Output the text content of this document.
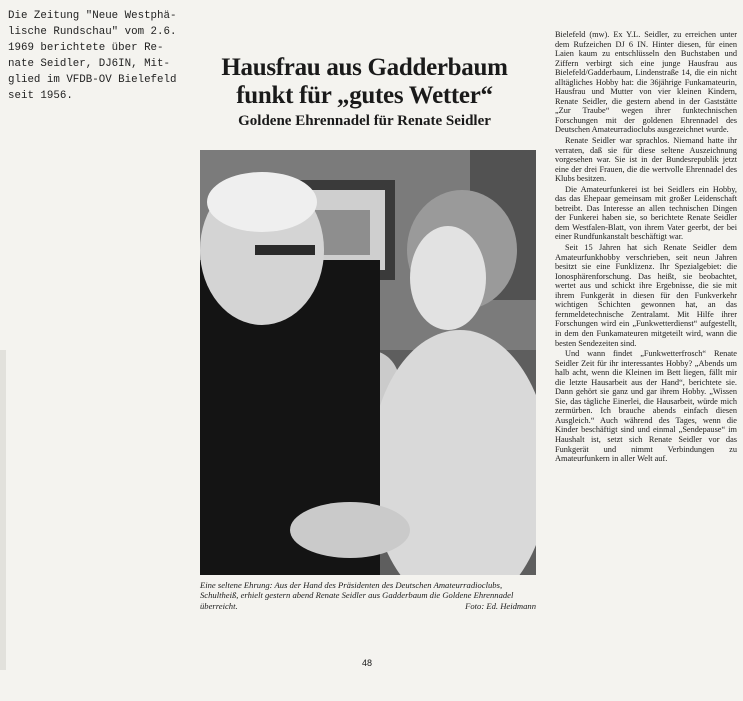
Die Zeitung "Neue Westphä-
lische Rundschau" vom 2.6.
1969 berichtete über Re-
nate Seidler, DJ6IN, Mit-
glied im VFDB-OV Bielefeld
seit 1956.
Hausfrau aus Gadderbaum
funkt für „gutes Wetter“
Goldene Ehrennadel für Renate Seidler
Eine seltene Ehrung: Aus der Hand des Präsidenten des Deutschen Amateurradioclubs, Schultheiß, erhielt gestern abend Renate Seidler aus Gadderbaum die Goldene Ehrennadel überreicht.	Foto: Ed. Heidmann

Bielefeld (mw). Ex Y.L. Seidler, zu erreichen unter dem Rufzeichen DJ 6 IN. Hinter diesen, für einen Laien kaum zu entschlüsseln den Buchstaben und Ziffern verbirgt sich eine junge Hausfrau aus Bielefeld/Gadderbaum, Lindenstraße 14, die ein nicht alltägliches Hobby hat: die 36jährige Funkamateurin, Hausfrau und Mutter von vier kleinen Kindern, Renate Seidler, die gestern abend in der Gaststätte „Zur Traube“ wegen ihrer funktechnischen Forschungen mit der goldenen Ehrennadel des Deutschen Amateurradioclubs ausgezeichnet wurde.

Renate Seidler war sprachlos. Niemand hatte ihr verraten, daß sie für diese seltene Auszeichnung vorgesehen war. Sie ist in der Bundesrepublik jetzt eine der drei Frauen, die die wertvolle Ehrennadel des Klubs besitzen.

Die Amateurfunkerei ist bei Seidlers ein Hobby, das das Ehepaar gemeinsam mit großer Leidenschaft betreibt. Das Interesse an allen technischen Dingen der Funkerei haben sie, so berichtete Renate Seidler dem Westfalen-Blatt, von ihrem Vater geerbt, der bei einer Rundfunkanstalt beschäftigt war.

Seit 15 Jahren hat sich Renate Seidler dem Amateurfunkhobby verschrieben, seit neun Jahren besitzt sie eine Funklizenz. Ihr Spezialgebiet: die Ionosphärenforschung. Das heißt, sie beobachtet, wertet aus und schickt ihre Ergebnisse, die sie mit ihrem Funkgerät in diesen für den Funkverkehr wichtigen Schichten gewonnen hat, an das fernmeldetechnische Zentralamt. Mit Hilfe ihrer Forschungen wird ein „Funkwetterdienst“ aufgestellt, in dem den Funkamateuren mitgeteilt wird, wann die besten Sendezeiten sind.

Und wann findet „Funkwetterfrosch“ Renate Seidler Zeit für ihr interessantes Hobby? „Abends um halb acht, wenn die Kleinen im Bett liegen, fällt mir die letzte Hausarbeit aus der Hand“, berichtete sie. Dann gehört sie ganz und gar ihrem Hobby. „Wissen Sie, das tägliche Einerlei, die Hausarbeit, würde mich zermürben. Ich brauche abends einfach diesen Ausgleich.“ Auch während des Tages, wenn die Kinder beschäftigt sind und einmal „Sendepause“ im Haushalt ist, setzt sich Renate Seidler vor das Funkgerät und nimmt Verbindungen zu Amateurfunkern in aller Welt auf.

48
